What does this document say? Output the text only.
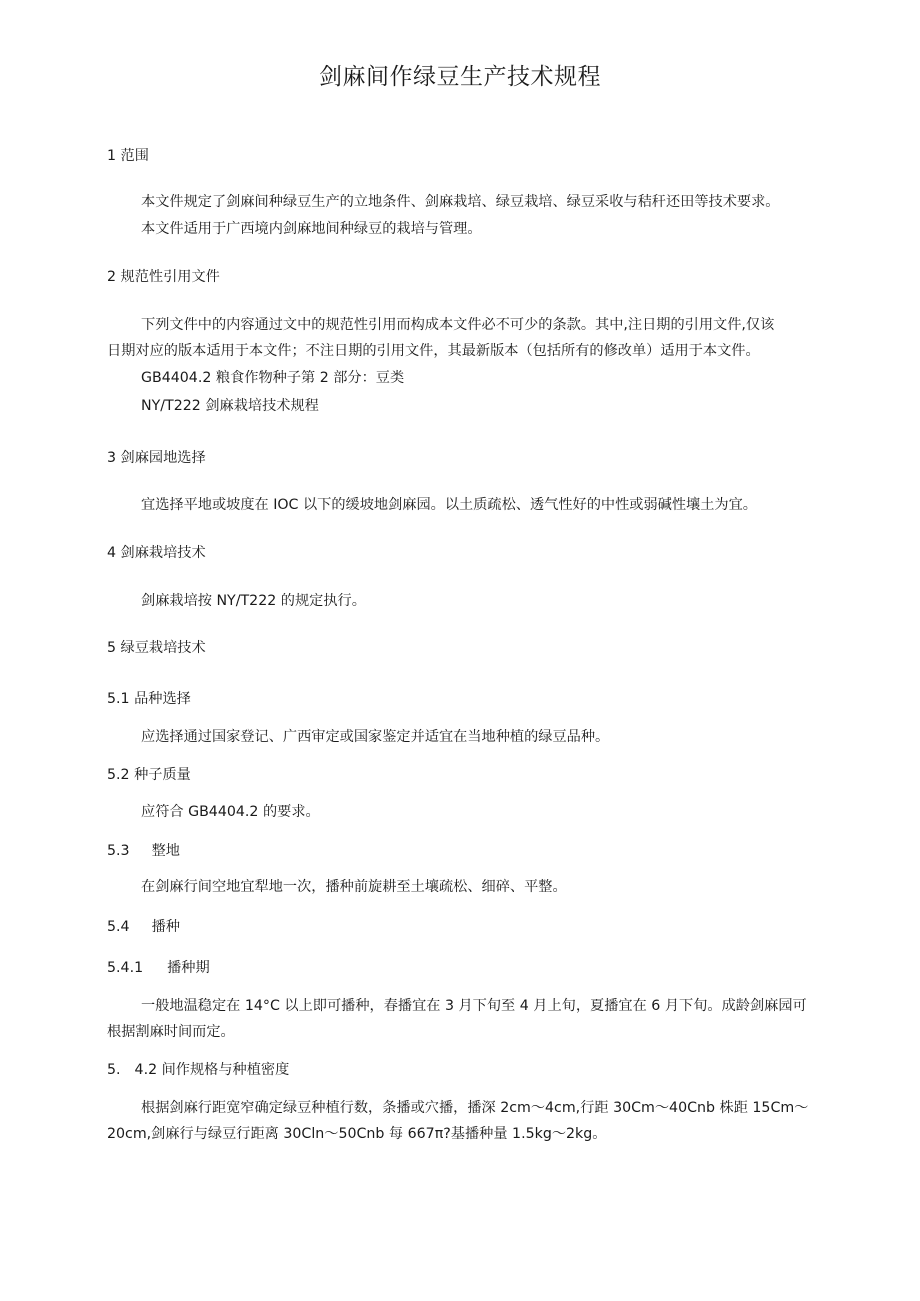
剑麻间作绿豆生产技术规程
1 范围
本文件规定了剑麻间种绿豆生产的立地条件、剑麻栽培、绿豆栽培、绿豆采收与秸秆还田等技术要求。
本文件适用于广西境内剑麻地间种绿豆的栽培与管理。
2 规范性引用文件
下列文件中的内容通过文中的规范性引用而构成本文件必不可少的条款。其中,注日期的引用文件,仅该
日期对应的版本适用于本文件；不注日期的引用文件，其最新版本（包括所有的修改单）适用于本文件。
GB4404.2 粮食作物种子第 2 部分：豆类
NY/T222 剑麻栽培技术规程
3 剑麻园地选择
宜选择平地或坡度在 IOC 以下的缓坡地剑麻园。以土质疏松、透气性好的中性或弱碱性壤土为宜。
4 剑麻栽培技术
剑麻栽培按 NY/T222 的规定执行。
5 绿豆栽培技术
5.1 品种选择
应选择通过国家登记、广西审定或国家鉴定并适宜在当地种植的绿豆品种。
5.2 种子质量
应符合 GB4404.2 的要求。
5.3 整地
在剑麻行间空地宜犁地一次，播种前旋耕至土壤疏松、细碎、平整。
5.4 播种
5.4.1 播种期
一般地温稳定在 14°C 以上即可播种，春播宜在 3 月下旬至 4 月上旬，夏播宜在 6 月下旬。成龄剑麻园可
根据割麻时间而定。
5. 4.2 间作规格与种植密度
根据剑麻行距宽窄确定绿豆种植行数，条播或穴播，播深 2cm～4cm,行距 30Cm～40Cnb 株距 15Cm～
20cm,剑麻行与绿豆行距离 30Cln～50Cnb 每 667π?基播种量 1.5kg～2kg。
